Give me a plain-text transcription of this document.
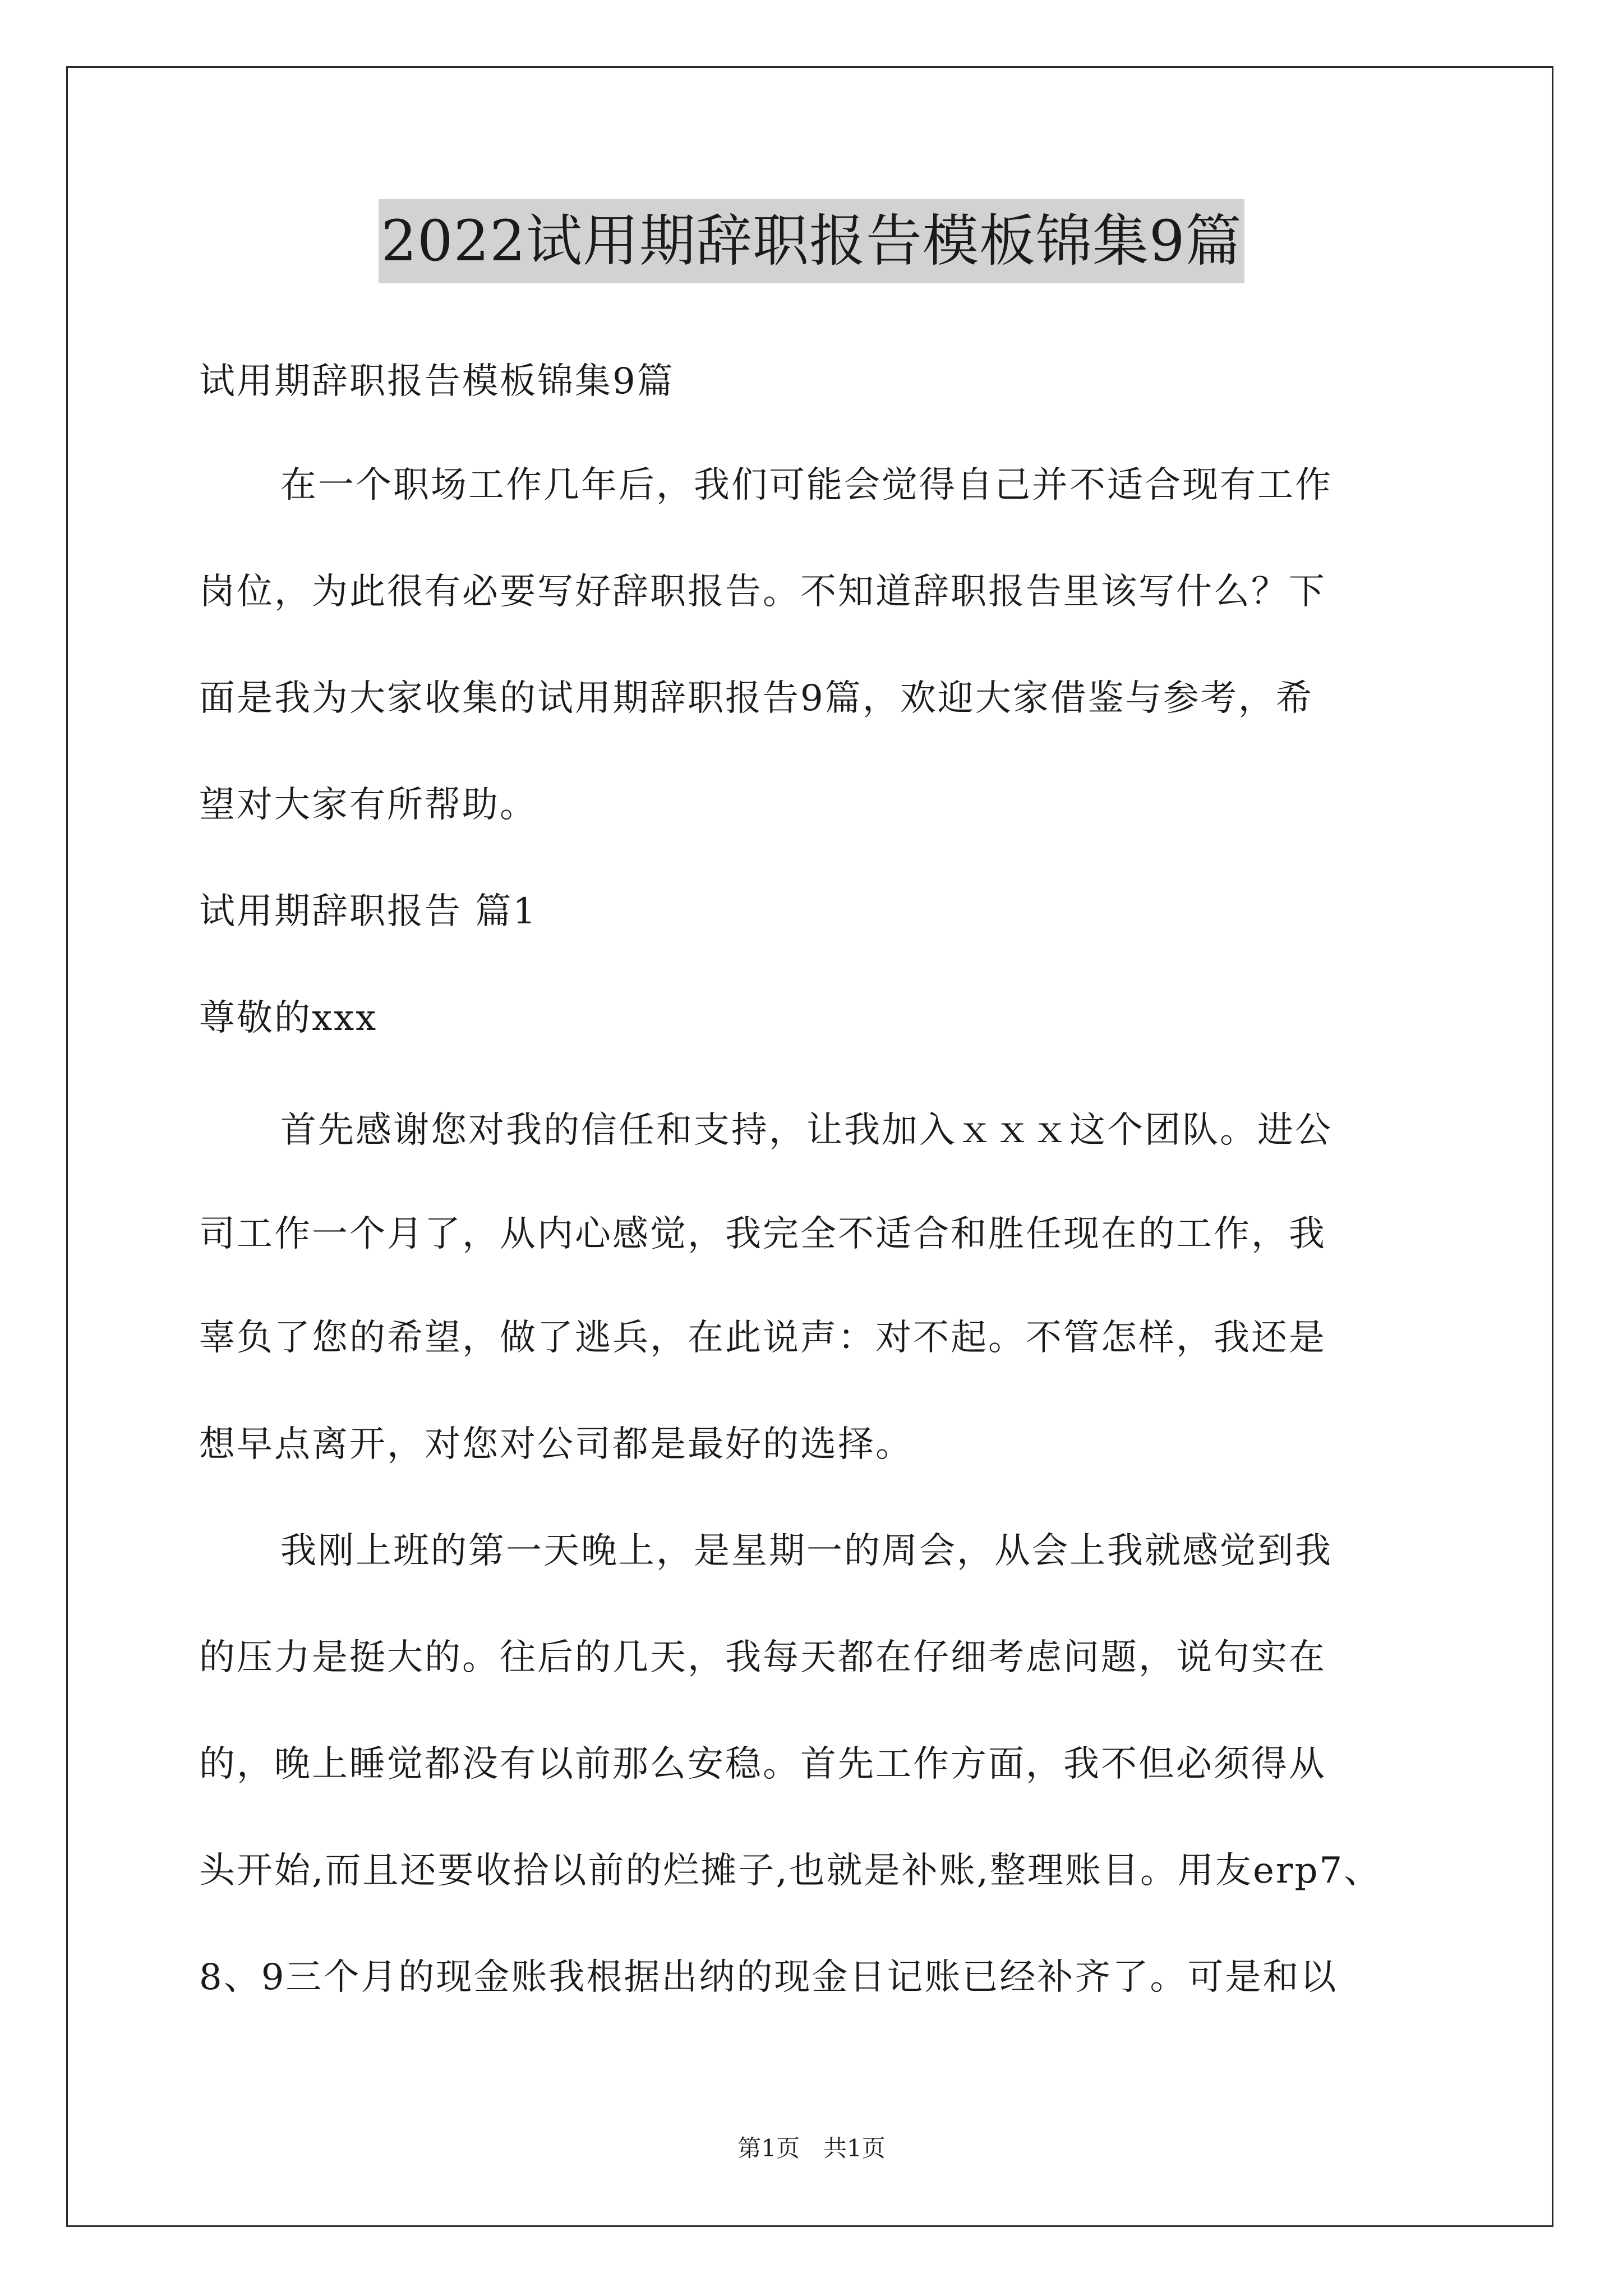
2022试用期辞职报告模板锦集9篇
试用期辞职报告模板锦集9篇
在一个职场工作几年后，我们可能会觉得自己并不适合现有工作
岗位，为此很有必要写好辞职报告。不知道辞职报告里该写什么？下
面是我为大家收集的试用期辞职报告9篇，欢迎大家借鉴与参考，希
望对大家有所帮助。
试用期辞职报告 篇1
尊敬的xxx
首先感谢您对我的信任和支持，让我加入ｘｘｘ这个团队。进公
司工作一个月了，从内心感觉，我完全不适合和胜任现在的工作，我
辜负了您的希望，做了逃兵，在此说声：对不起。不管怎样，我还是
想早点离开，对您对公司都是最好的选择。
我刚上班的第一天晚上，是星期一的周会，从会上我就感觉到我
的压力是挺大的。往后的几天，我每天都在仔细考虑问题，说句实在
的，晚上睡觉都没有以前那么安稳。首先工作方面，我不但必须得从
头开始,而且还要收拾以前的烂摊子,也就是补账,整理账目。用友erp7、
8、9三个月的现金账我根据出纳的现金日记账已经补齐了。可是和以
第1页　共1页
